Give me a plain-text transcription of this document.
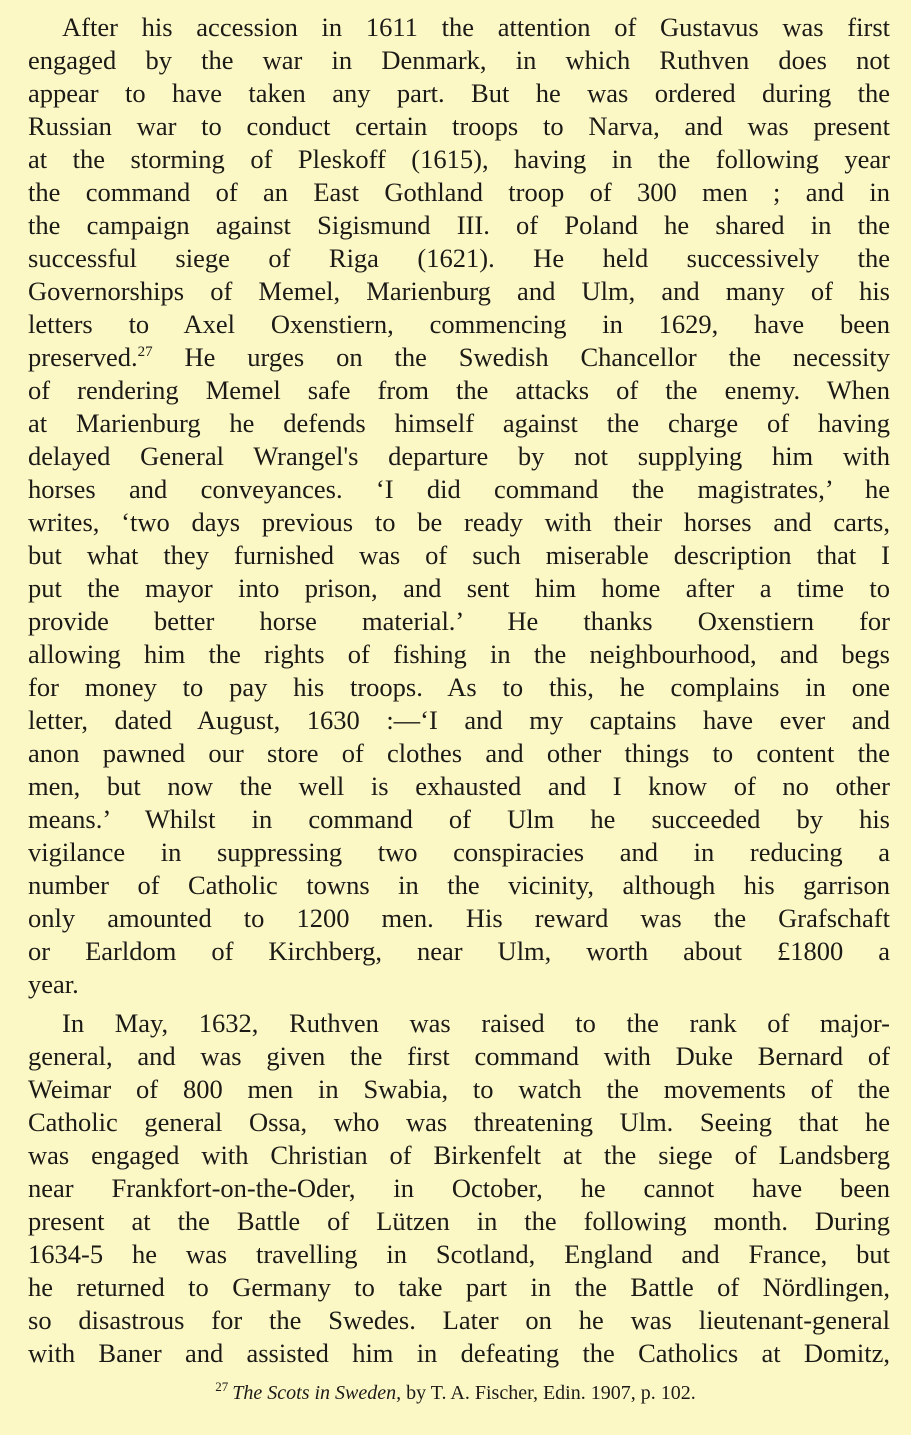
After his accession in 1611 the attention of Gustavus was first
engaged by the war in Denmark, in which Ruthven does not
appear to have taken any part. But he was ordered during the
Russian war to conduct certain troops to Narva, and was present
at the storming of Pleskoff (1615), having in the following year
the command of an East Gothland troop of 300 men ; and in
the campaign against Sigismund III. of Poland he shared in the
successful siege of Riga (1621). He held successively the
Governorships of Memel, Marienburg and Ulm, and many of his
letters to Axel Oxenstiern, commencing in 1629, have been
preserved.$^{27}$ He urges on the Swedish Chancellor the necessity
of rendering Memel safe from the attacks of the enemy. When
at Marienburg he defends himself against the charge of having
delayed General Wrangel's departure by not supplying him with
horses and conveyances. ‘I did command the magistrates,’ he
writes, ‘two days previous to be ready with their horses and carts,
but what they furnished was of such miserable description that I
put the mayor into prison, and sent him home after a time to
provide better horse material.’ He thanks Oxenstiern for
allowing him the rights of fishing in the neighbourhood, and begs
for money to pay his troops. As to this, he complains in one
letter, dated August, 1630 :—‘I and my captains have ever and
anon pawned our store of clothes and other things to content the
men, but now the well is exhausted and I know of no other
means.’ Whilst in command of Ulm he succeeded by his
vigilance in suppressing two conspiracies and in reducing a
number of Catholic towns in the vicinity, although his garrison
only amounted to 1200 men. His reward was the Grafschaft
or Earldom of Kirchberg, near Ulm, worth about £1800 a
year.
In May, 1632, Ruthven was raised to the rank of major-
general, and was given the first command with Duke Bernard of
Weimar of 800 men in Swabia, to watch the movements of the
Catholic general Ossa, who was threatening Ulm. Seeing that he
was engaged with Christian of Birkenfelt at the siege of Landsberg
near Frankfort-on-the-Oder, in October, he cannot have been
present at the Battle of Lützen in the following month. During
1634-5 he was travelling in Scotland, England and France, but
he returned to Germany to take part in the Battle of Nördlingen,
so disastrous for the Swedes. Later on he was lieutenant-general
with Baner and assisted him in defeating the Catholics at Domitz,
$^{27}$ The Scots in Sweden, by T. A. Fischer, Edin. 1907, p. 102.
